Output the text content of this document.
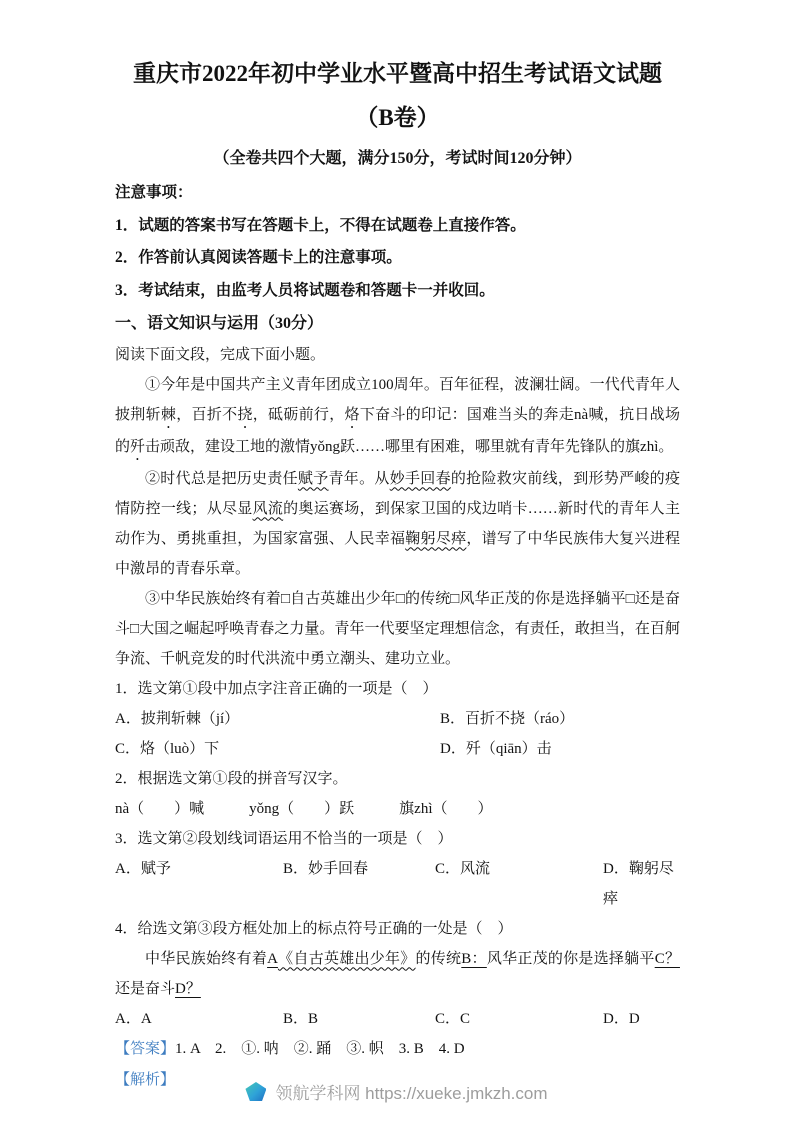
重庆市2022年初中学业水平暨高中招生考试语文试题（B卷）
（全卷共四个大题，满分150分，考试时间120分钟）
注意事项：
1．试题的答案书写在答题卡上，不得在试题卷上直接作答。
2．作答前认真阅读答题卡上的注意事项。
3．考试结束，由监考人员将试题卷和答题卡一并收回。
一、语文知识与运用（30分）
阅读下面文段，完成下面小题。

①今年是中国共产主义青年团成立100周年。百年征程，波澜壮阔。一代代青年人披荆斩棘，百折不挠，砥砺前行，烙下奋斗的印记：国难当头的奔走nà喊，抗日战场的歼击顽敌，建设工地的激情yǒng跃……哪里有困难，哪里就有青年先锋队的旗zhì。

②时代总是把历史责任赋予青年。从妙手回春的抢险救灾前线，到形势严峻的疫情防控一线；从尽显风流的奥运赛场，到保家卫国的戍边哨卡……新时代的青年人主动作为、勇挑重担，为国家富强、人民幸福鞠躬尽瘁，谱写了中华民族伟大复兴进程中激昂的青春乐章。

③中华民族始终有着□自古英雄出少年□的传统□风华正茂的你是选择躺平□还是奋斗□大国之崛起呼唤青春之力量。青年一代要坚定理想信念，有责任，敢担当，在百舸争流、千帆竞发的时代洪流中勇立潮头、建功立业。

1．选文第①段中加点字注音正确的一项是（　）
A．披荆斩棘（jí）	B．百折不挠（ráo）
C．烙（luò）下	D．歼（qiān）击
2．根据选文第①段的拼音写汉字。
nà（　　）喊　　　yǒng（　　）跃　　　旗zhì（　　）
3．选文第②段划线词语运用不恰当的一项是（　）
A．赋予	B．妙手回春	C．风流	D．鞠躬尽瘁
4．给选文第③段方框处加上的标点符号正确的一处是（　）

中华民族始终有着A《自古英雄出少年》的传统B：风华正茂的你是选择躺平C？还是奋斗D？

A．A	B．B	C．C	D．D
【答案】1. A　2.　①. 呐　②. 踊　③. 帜　3. B　4. D
【解析】
领航学科网 https://xueke.jmkzh.com
